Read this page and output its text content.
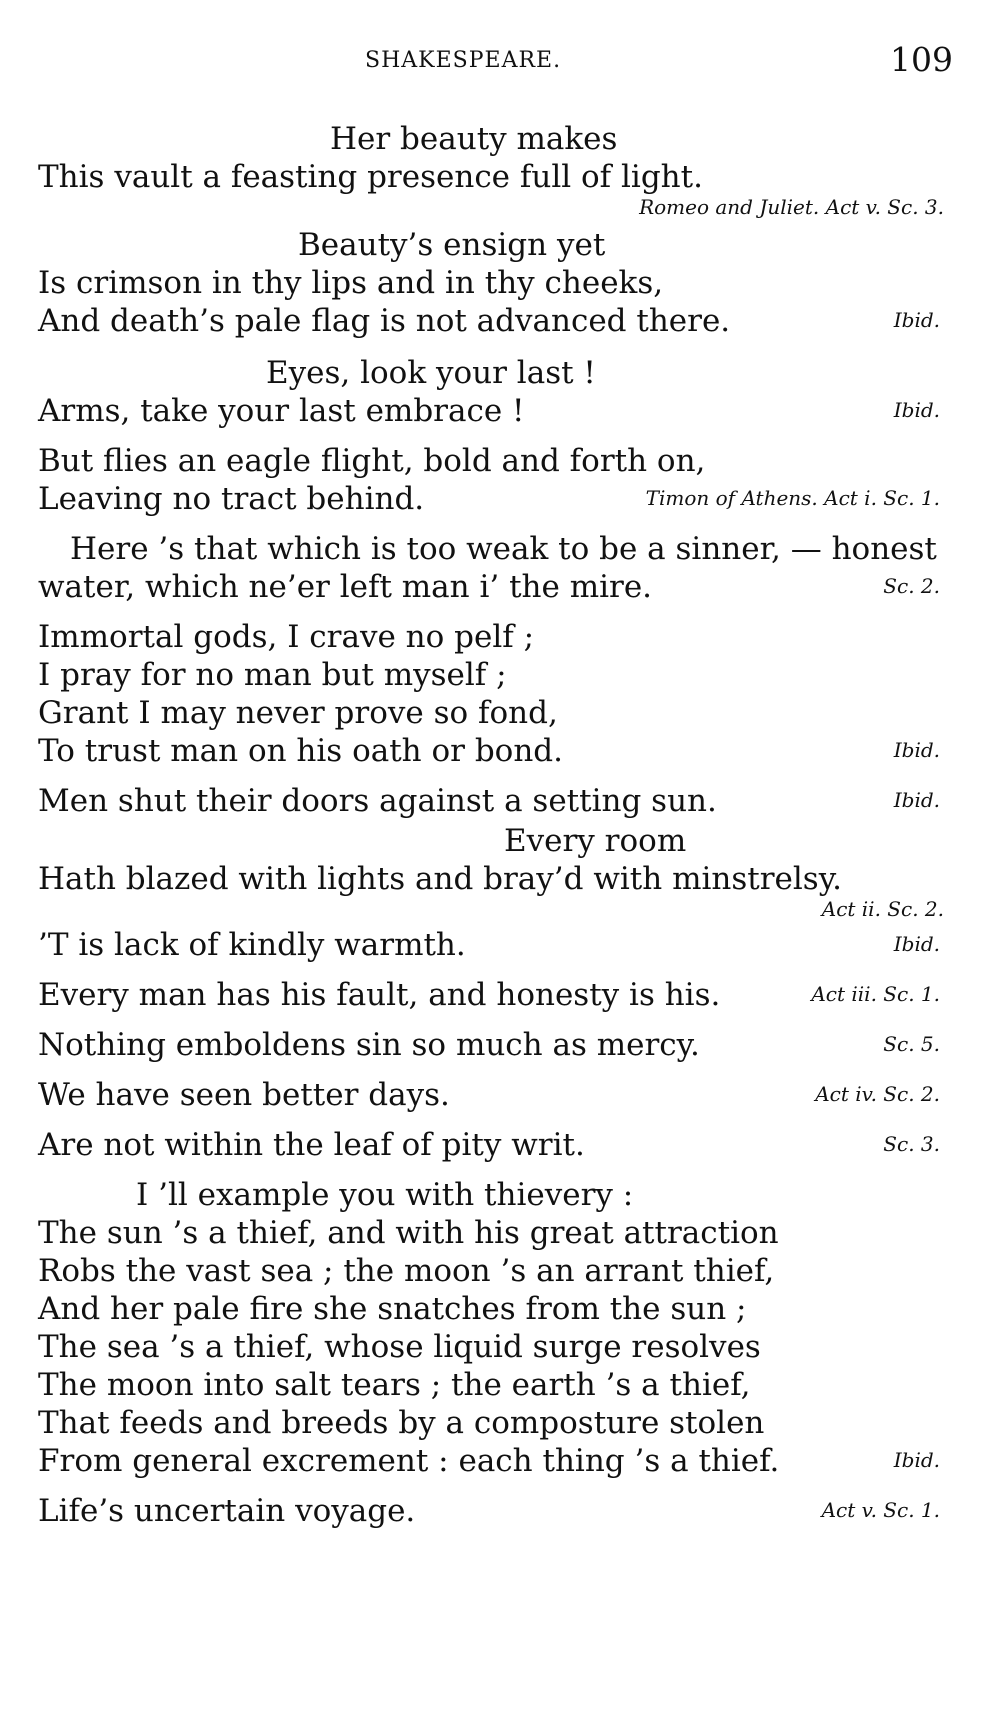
SHAKESPEARE.	109
Her beauty makes
This vault a feasting presence full of light.
Romeo and Juliet. Act v. Sc. 3.
Beauty’s ensign yet
Is crimson in thy lips and in thy cheeks,
And death’s pale flag is not advanced there.	Ibid.
Eyes, look your last !
Arms, take your last embrace !	Ibid.
But flies an eagle flight, bold and forth on,
Leaving no tract behind.	Timon of Athens. Act i. Sc. 1.
Here ’s that which is too weak to be a sinner, — honest
water, which ne’er left man i’ the mire.	Sc. 2.
Immortal gods, I crave no pelf ;
I pray for no man but myself ;
Grant I may never prove so fond,
To trust man on his oath or bond.	Ibid.
Men shut their doors against a setting sun.	Ibid.
Every room
Hath blazed with lights and bray’d with minstrelsy.
Act ii. Sc. 2.
’T is lack of kindly warmth.	Ibid.
Every man has his fault, and honesty is his.	Act iii. Sc. 1.
Nothing emboldens sin so much as mercy.	Sc. 5.
We have seen better days.	Act iv. Sc. 2.
Are not within the leaf of pity writ.	Sc. 3.
I ’ll example you with thievery :
The sun ’s a thief, and with his great attraction
Robs the vast sea ; the moon ’s an arrant thief,
And her pale fire she snatches from the sun ;
The sea ’s a thief, whose liquid surge resolves
The moon into salt tears ; the earth ’s a thief,
That feeds and breeds by a composture stolen
From general excrement : each thing ’s a thief.	Ibid.
Life’s uncertain voyage.	Act v. Sc. 1.
